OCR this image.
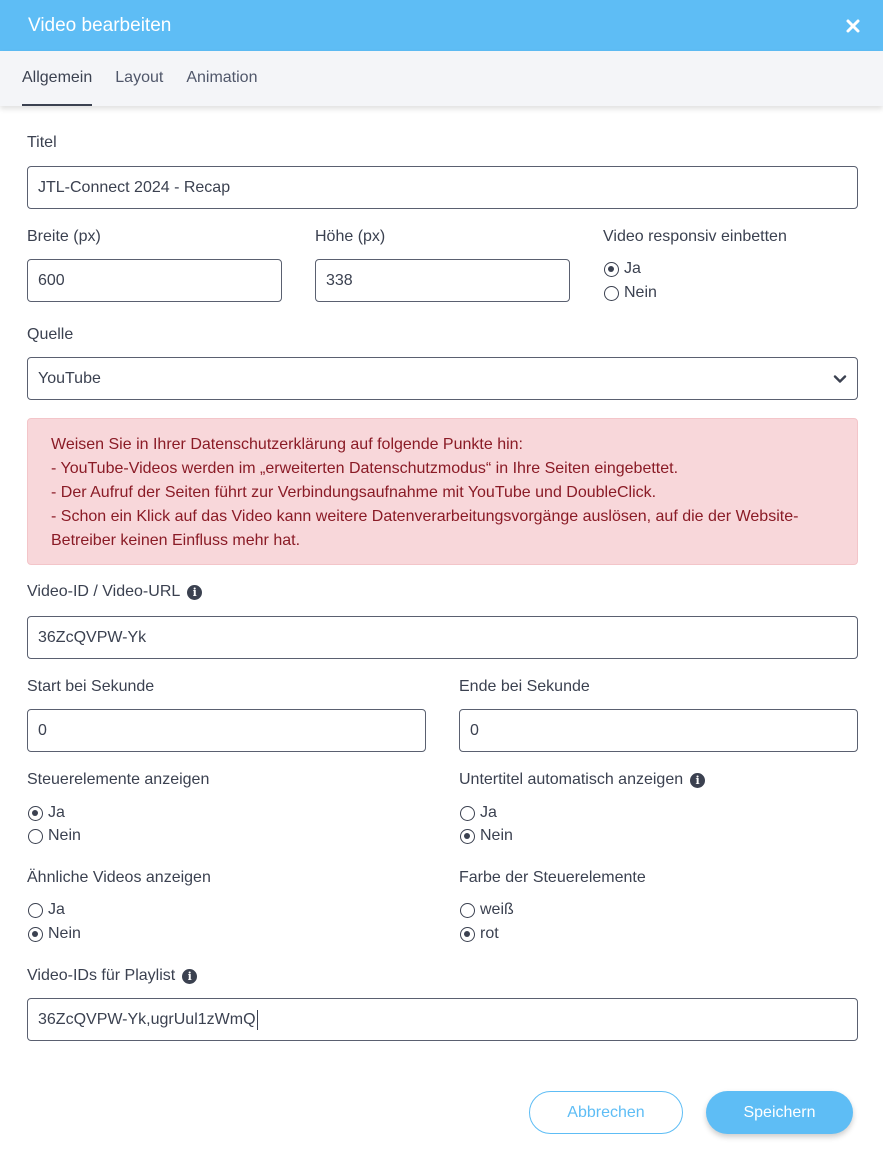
Video bearbeiten
Allgemein Layout Animation
Titel
JTL-Connect 2024 - Recap
Breite (px)
600
Höhe (px)
338
Video responsiv einbetten
Ja
Nein
Quelle
YouTube
Weisen Sie in Ihrer Datenschutzerklärung auf folgende Punkte hin:
- YouTube-Videos werden im „erweiterten Datenschutzmodus“ in Ihre Seiten eingebettet.
- Der Aufruf der Seiten führt zur Verbindungsaufnahme mit YouTube und DoubleClick.
- Schon ein Klick auf das Video kann weitere Datenverarbeitungsvorgänge auslösen, auf die der Website-
Betreiber keinen Einfluss mehr hat.
Video-ID / Video-URL	i
36ZcQVPW-Yk
Start bei Sekunde
0
Ende bei Sekunde
0
Steuerelemente anzeigen
Ja
Nein
Untertitel automatisch anzeigen	i
Ja
Nein
Ähnliche Videos anzeigen
Ja
Nein
Farbe der Steuerelemente
weiß
rot
Video-IDs für Playlist	i
36ZcQVPW-Yk,ugrUul1zWmQ
Abbrechen	Speichern
